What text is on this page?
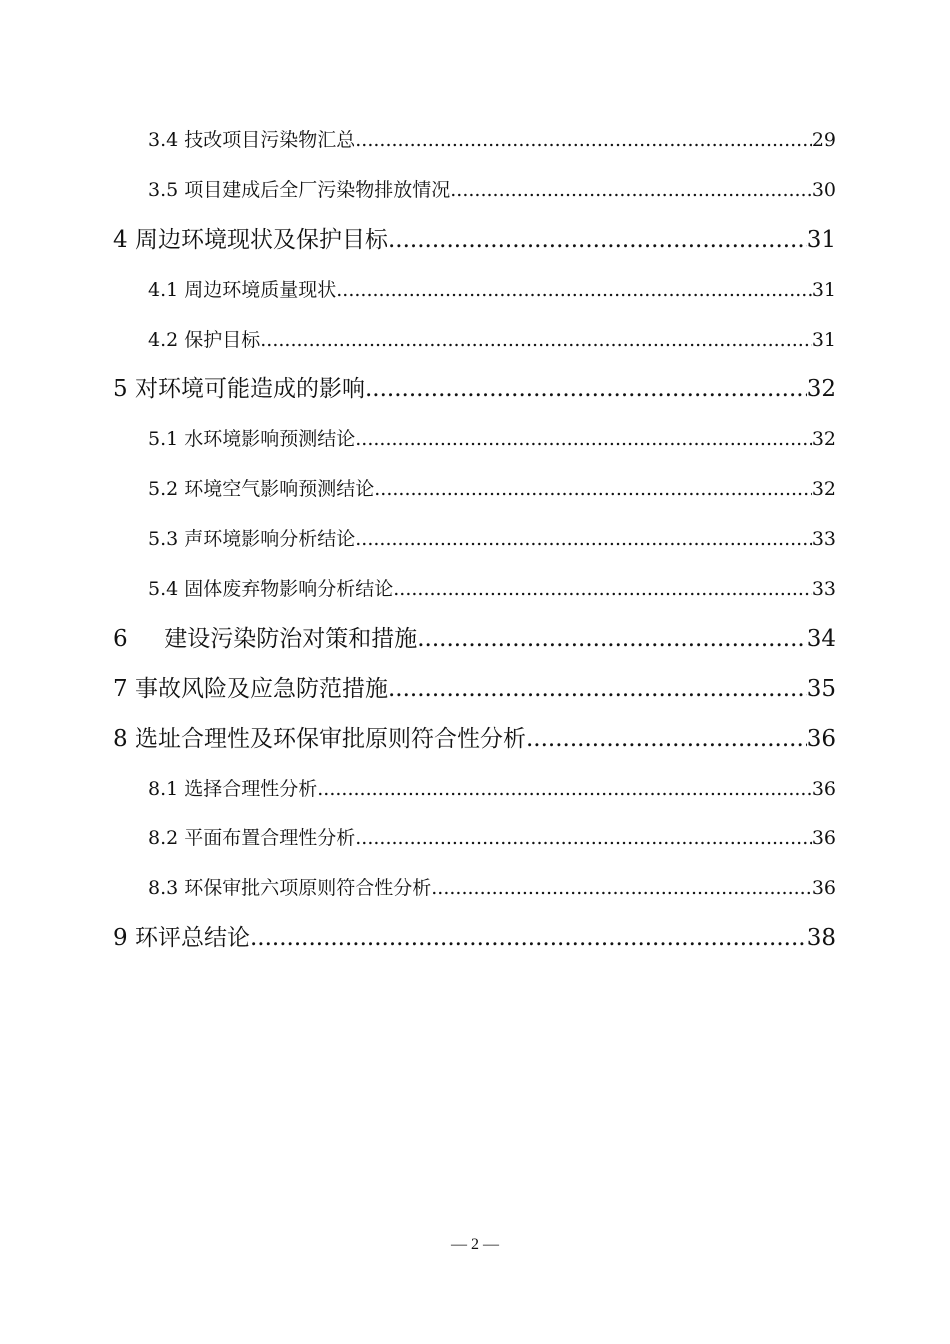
3.4 技改项目污染物汇总 .....	29
3.5 项目建成后全厂污染物排放情况 .....	30
4 周边环境现状及保护目标 .....	31
4.1 周边环境质量现状 .....	31
4.2 保护目标 .....	31
5 对环境可能造成的影响 .....	32
5.1 水环境影响预测结论 .....	32
5.2 环境空气影响预测结论 .....	32
5.3 声环境影响分析结论 .....	33
5.4 固体废弃物影响分析结论 .....	33
6     建设污染防治对策和措施 .....	34
7 事故风险及应急防范措施 .....	35
8 选址合理性及环保审批原则符合性分析 .....	36
8.1 选择合理性分析 .....	36
8.2 平面布置合理性分析 .....	36
8.3 环保审批六项原则符合性分析 .....	36
9 环评总结论 .....	38
— 2 —
